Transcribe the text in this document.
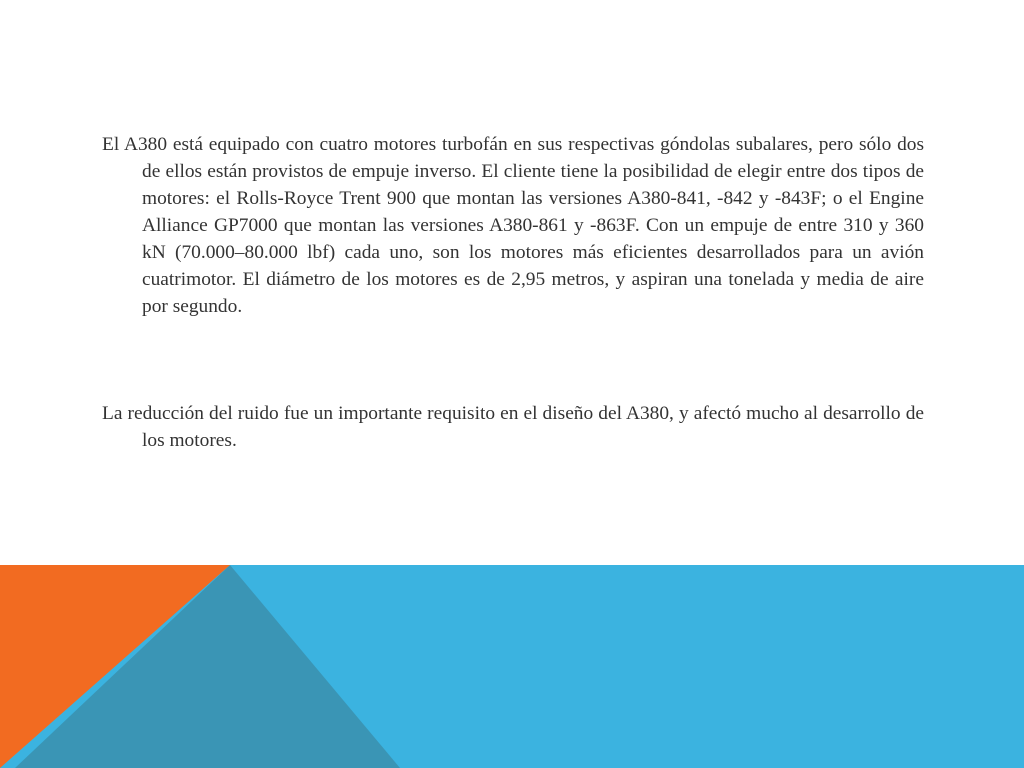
El A380 está equipado con cuatro motores turbofán en sus respectivas góndolas subalares, pero sólo dos de ellos están provistos de empuje inverso. El cliente tiene la posibilidad de elegir entre dos tipos de motores: el Rolls-Royce Trent 900 que montan las versiones A380-841, -842 y -843F; o el Engine Alliance GP7000 que montan las versiones A380-861 y -863F. Con un empuje de entre 310 y 360 kN (70.000–80.000 lbf) cada uno, son los motores más eficientes desarrollados para un avión cuatrimotor. El diámetro de los motores es de 2,95 metros, y aspiran una tonelada y media de aire por segundo.

La reducción del ruido fue un importante requisito en el diseño del A380, y afectó mucho al desarrollo de los motores.
